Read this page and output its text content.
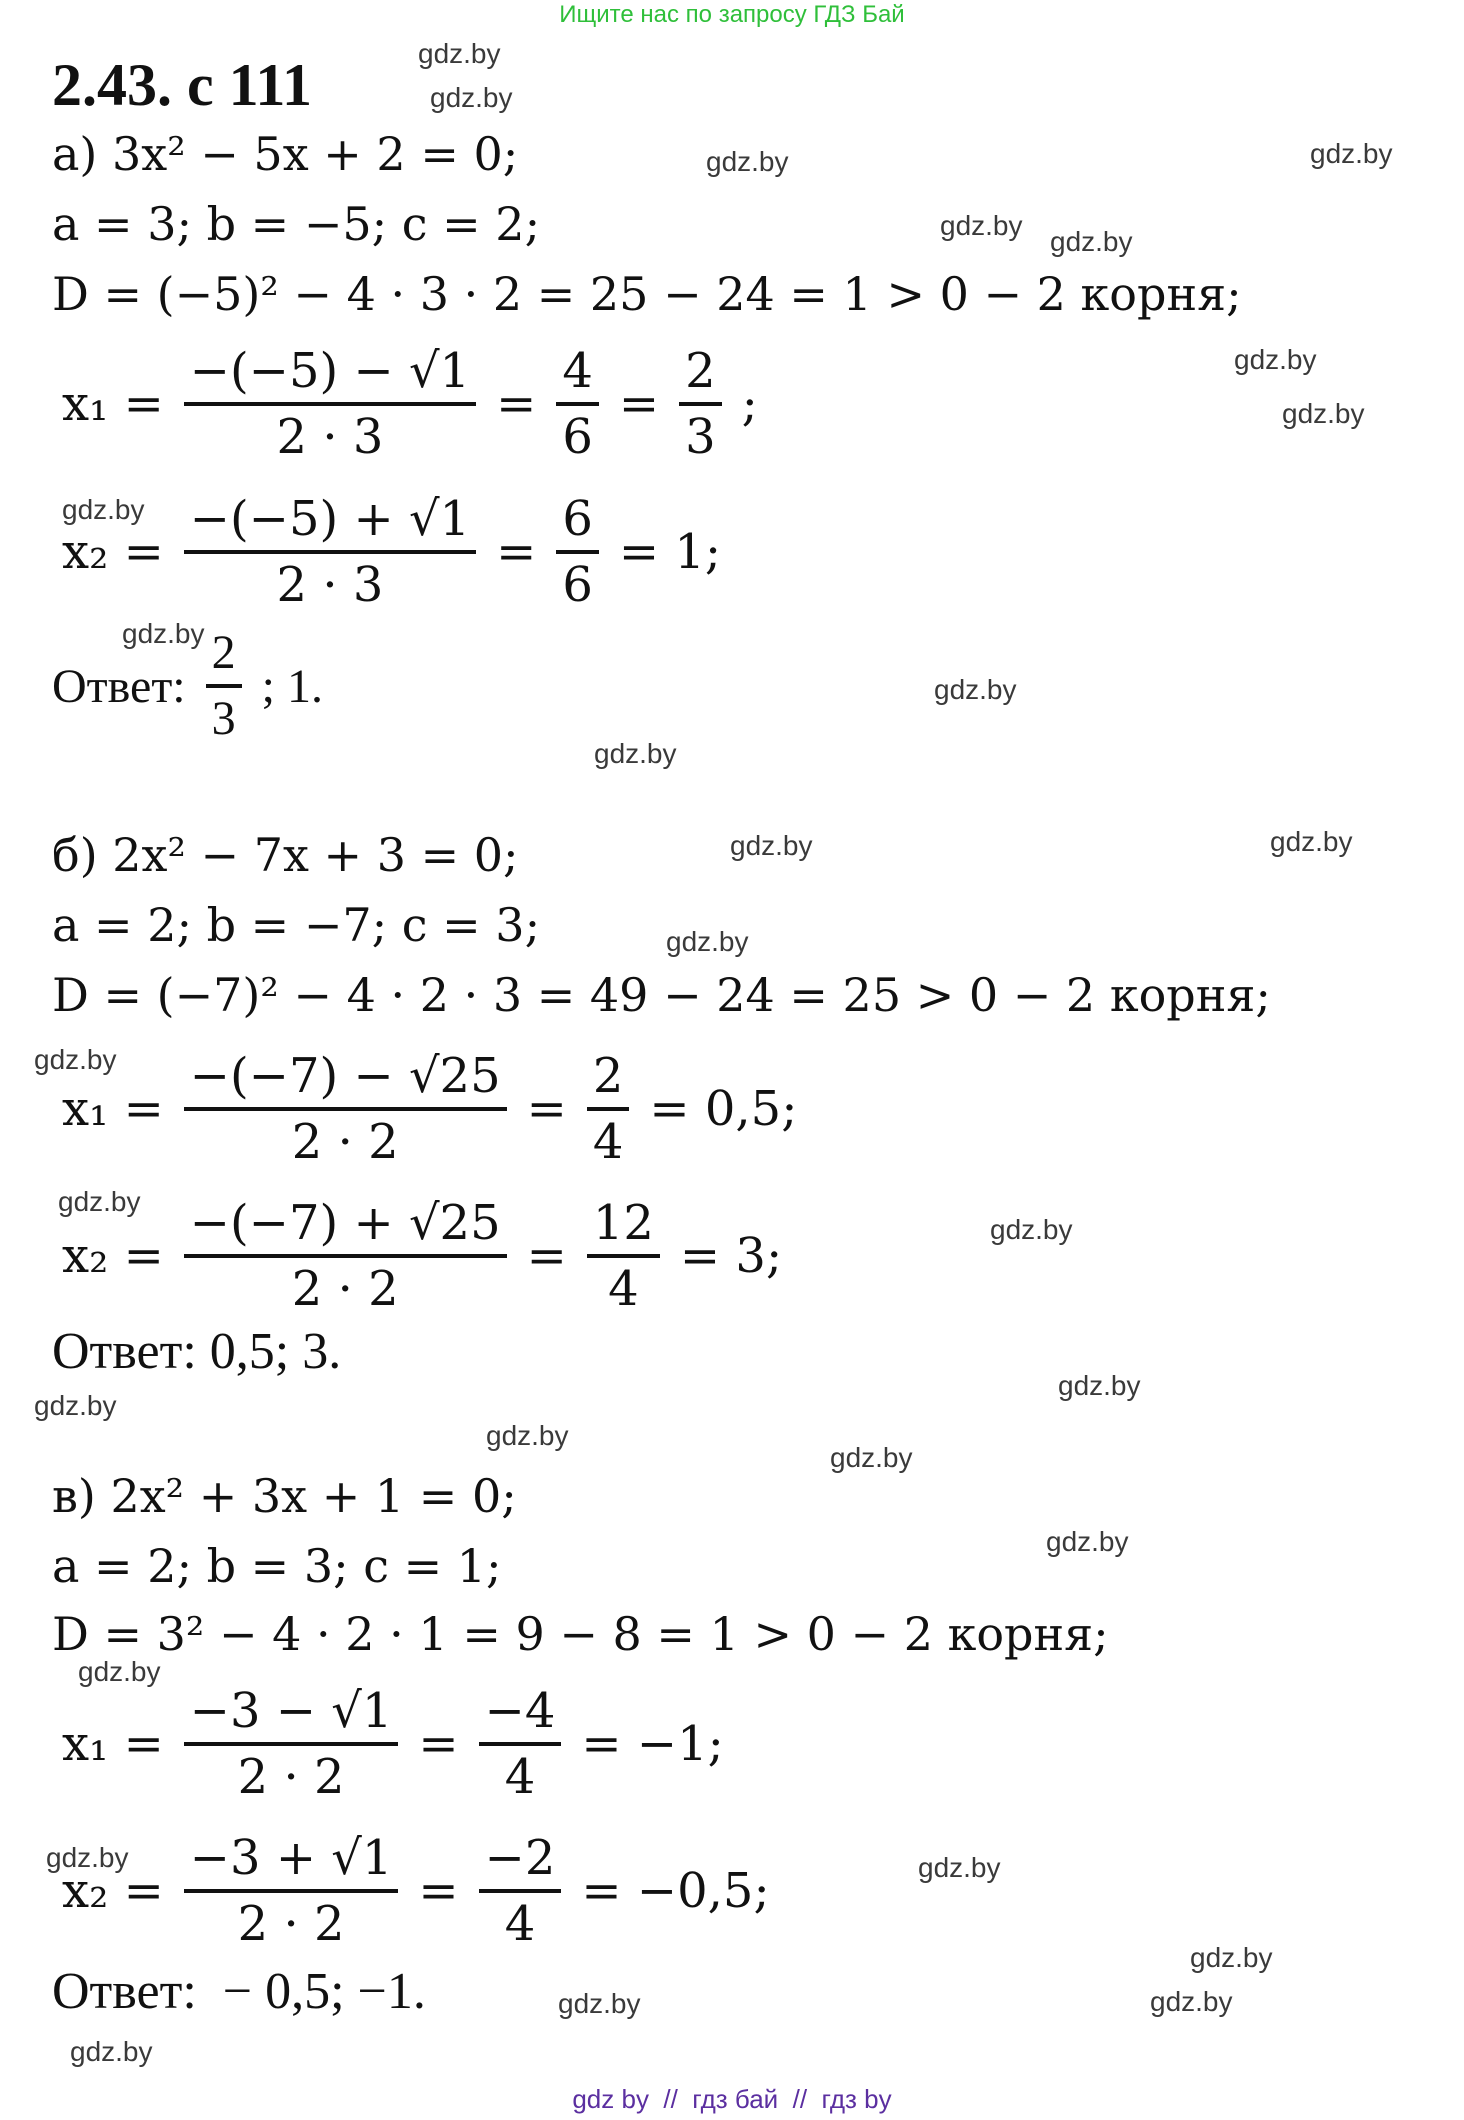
Ищите нас по запросу ГДЗ Бай
2.43. с 111
а) 3x² − 5x + 2 = 0;
a = 3; b = −5; c = 2;
D = (−5)² − 4 · 3 · 2 = 25 − 24 = 1 > 0 − 2 корня;
$x_1 = \frac{-(-5) - √1}{2 \cdot 3} = \frac{4}{6} = \frac{2}{3}$ ;
$x_2 = \frac{-(-5) + √1}{2 \cdot 3} = \frac{6}{6} = 1$;
Ответ: $\frac{2}{3}$ ; 1.
б) 2x² − 7x + 3 = 0;
a = 2; b = −7; c = 3;
D = (−7)² − 4 · 2 · 3 = 49 − 24 = 25 > 0 − 2 корня;
$x_1 = \frac{-(-7) - √25}{2 \cdot 2} = \frac{2}{4} = 0,5$;
$x_2 = \frac{-(-7) + √25}{2 \cdot 2} = \frac{12}{4} = 3$;
Ответ: 0,5; 3.
в) 2x² + 3x + 1 = 0;
a = 2; b = 3; c = 1;
D = 3² − 4 · 2 · 1 = 9 − 8 = 1 > 0 − 2 корня;
$x_1 = \frac{-3 - √1}{2 \cdot 2} = \frac{-4}{4} = -1$;
$x_2 = \frac{-3 + √1}{2 \cdot 2} = \frac{-2}{4} = -0,5$;
Ответ:  − 0,5; −1.
gdz.by
gdz.by
gdz.by	gdz.by
gdz.by
gdz.by
gdz.by
gdz.by
gdz.by
gdz.by
gdz.by
gdz.by
gdz.by	gdz.by
gdz.by
gdz.by
gdz.by
gdz.by
gdz.by
gdz.by
gdz.by
gdz.by
gdz.by
gdz.by
gdz.by	gdz.by
gdz.by
gdz.by
gdz.by
gdz.by
gdz by  //  гдз бай  //  гдз by
